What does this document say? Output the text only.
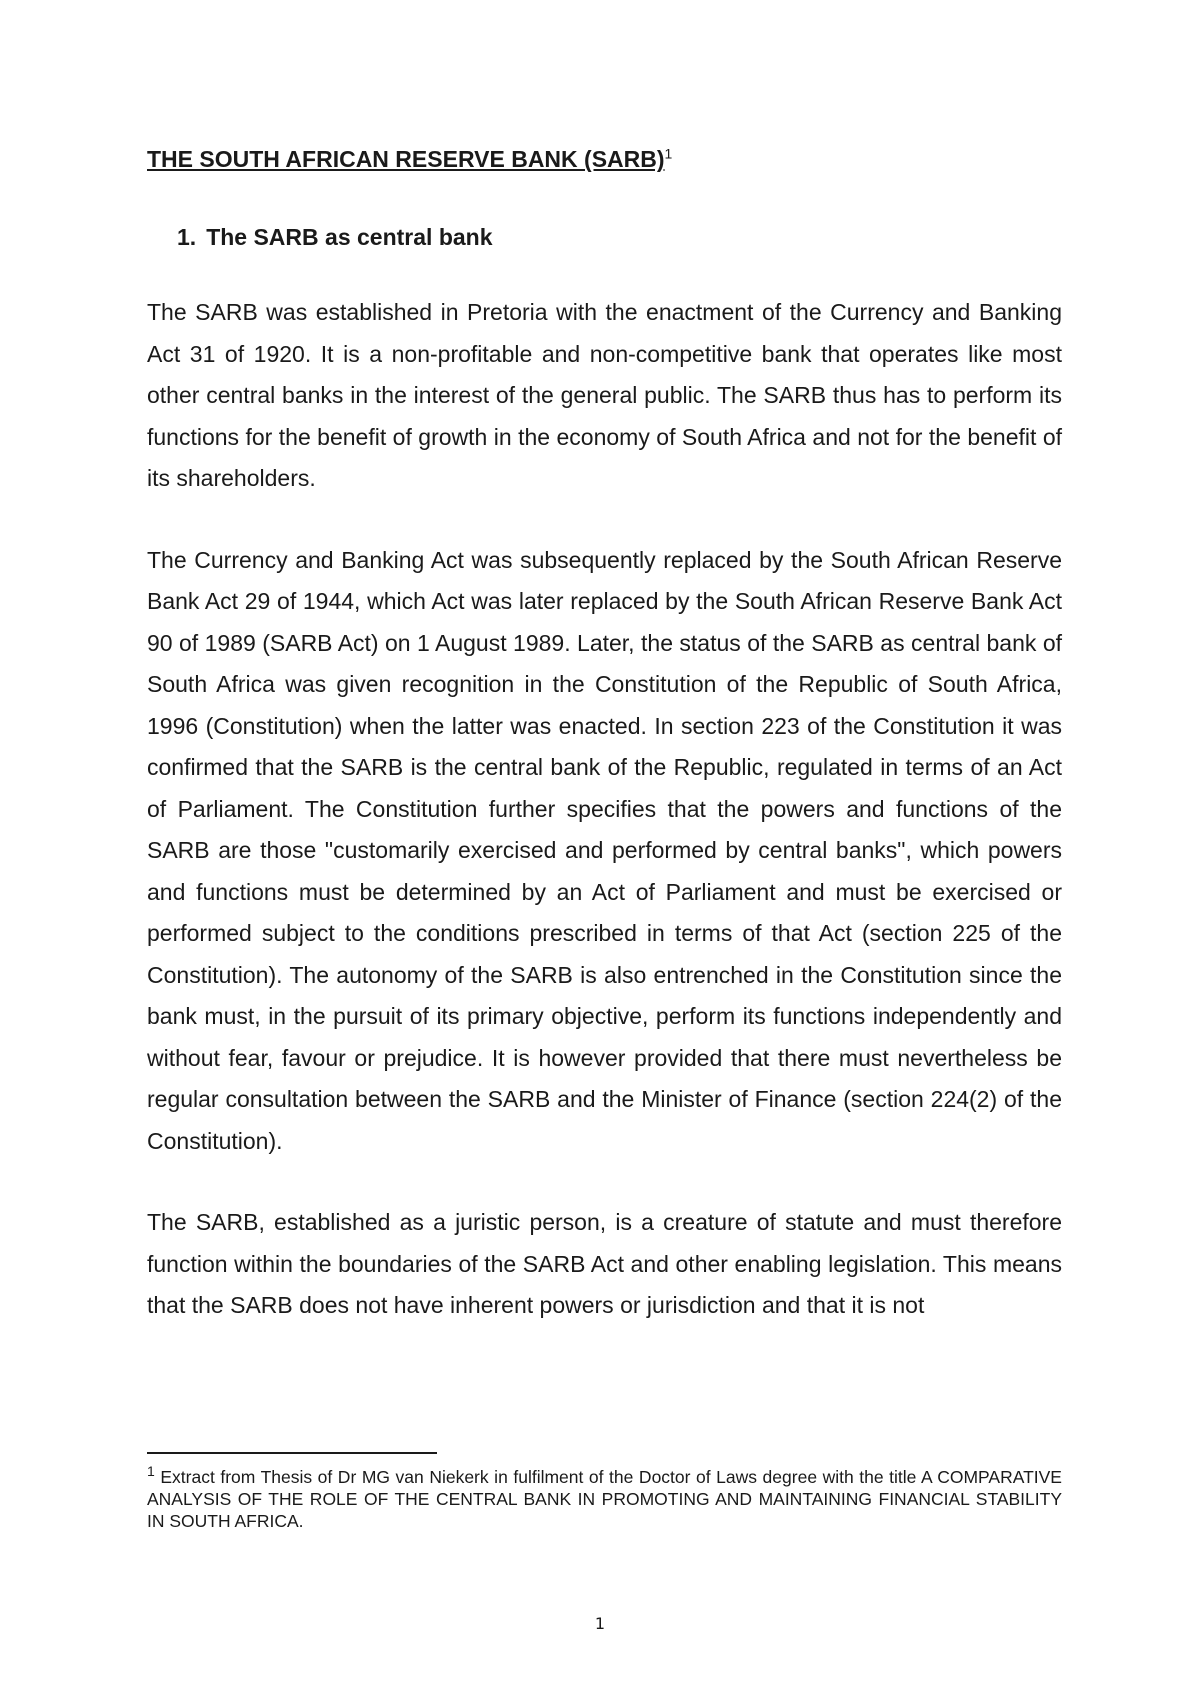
THE SOUTH AFRICAN RESERVE BANK (SARB)$^1$
1. The SARB as central bank

The SARB was established in Pretoria with the enactment of the Currency and Banking Act 31 of 1920. It is a non-profitable and non-competitive bank that operates like most other central banks in the interest of the general public. The SARB thus has to perform its functions for the benefit of growth in the economy of South Africa and not for the benefit of its shareholders.

The Currency and Banking Act was subsequently replaced by the South African Reserve Bank Act 29 of 1944, which Act was later replaced by the South African Reserve Bank Act 90 of 1989 (SARB Act) on 1 August 1989. Later, the status of the SARB as central bank of South Africa was given recognition in the Constitution of the Republic of South Africa, 1996 (Constitution) when the latter was enacted. In section 223 of the Constitution it was confirmed that the SARB is the central bank of the Republic, regulated in terms of an Act of Parliament. The Constitution further specifies that the powers and functions of the SARB are those "customarily exercised and performed by central banks", which powers and functions must be determined by an Act of Parliament and must be exercised or performed subject to the conditions prescribed in terms of that Act (section 225 of the Constitution). The autonomy of the SARB is also entrenched in the Constitution since the bank must, in the pursuit of its primary objective, perform its functions independently and without fear, favour or prejudice. It is however provided that there must nevertheless be regular consultation between the SARB and the Minister of Finance (section 224(2) of the Constitution).

The SARB, established as a juristic person, is a creature of statute and must therefore function within the boundaries of the SARB Act and other enabling legislation. This means that the SARB does not have inherent powers or jurisdiction and that it is not

$^1$ Extract from Thesis of Dr MG van Niekerk in fulfilment of the Doctor of Laws degree with the title A COMPARATIVE ANALYSIS OF THE ROLE OF THE CENTRAL BANK IN PROMOTING AND MAINTAINING FINANCIAL STABILITY IN SOUTH AFRICA.
1
